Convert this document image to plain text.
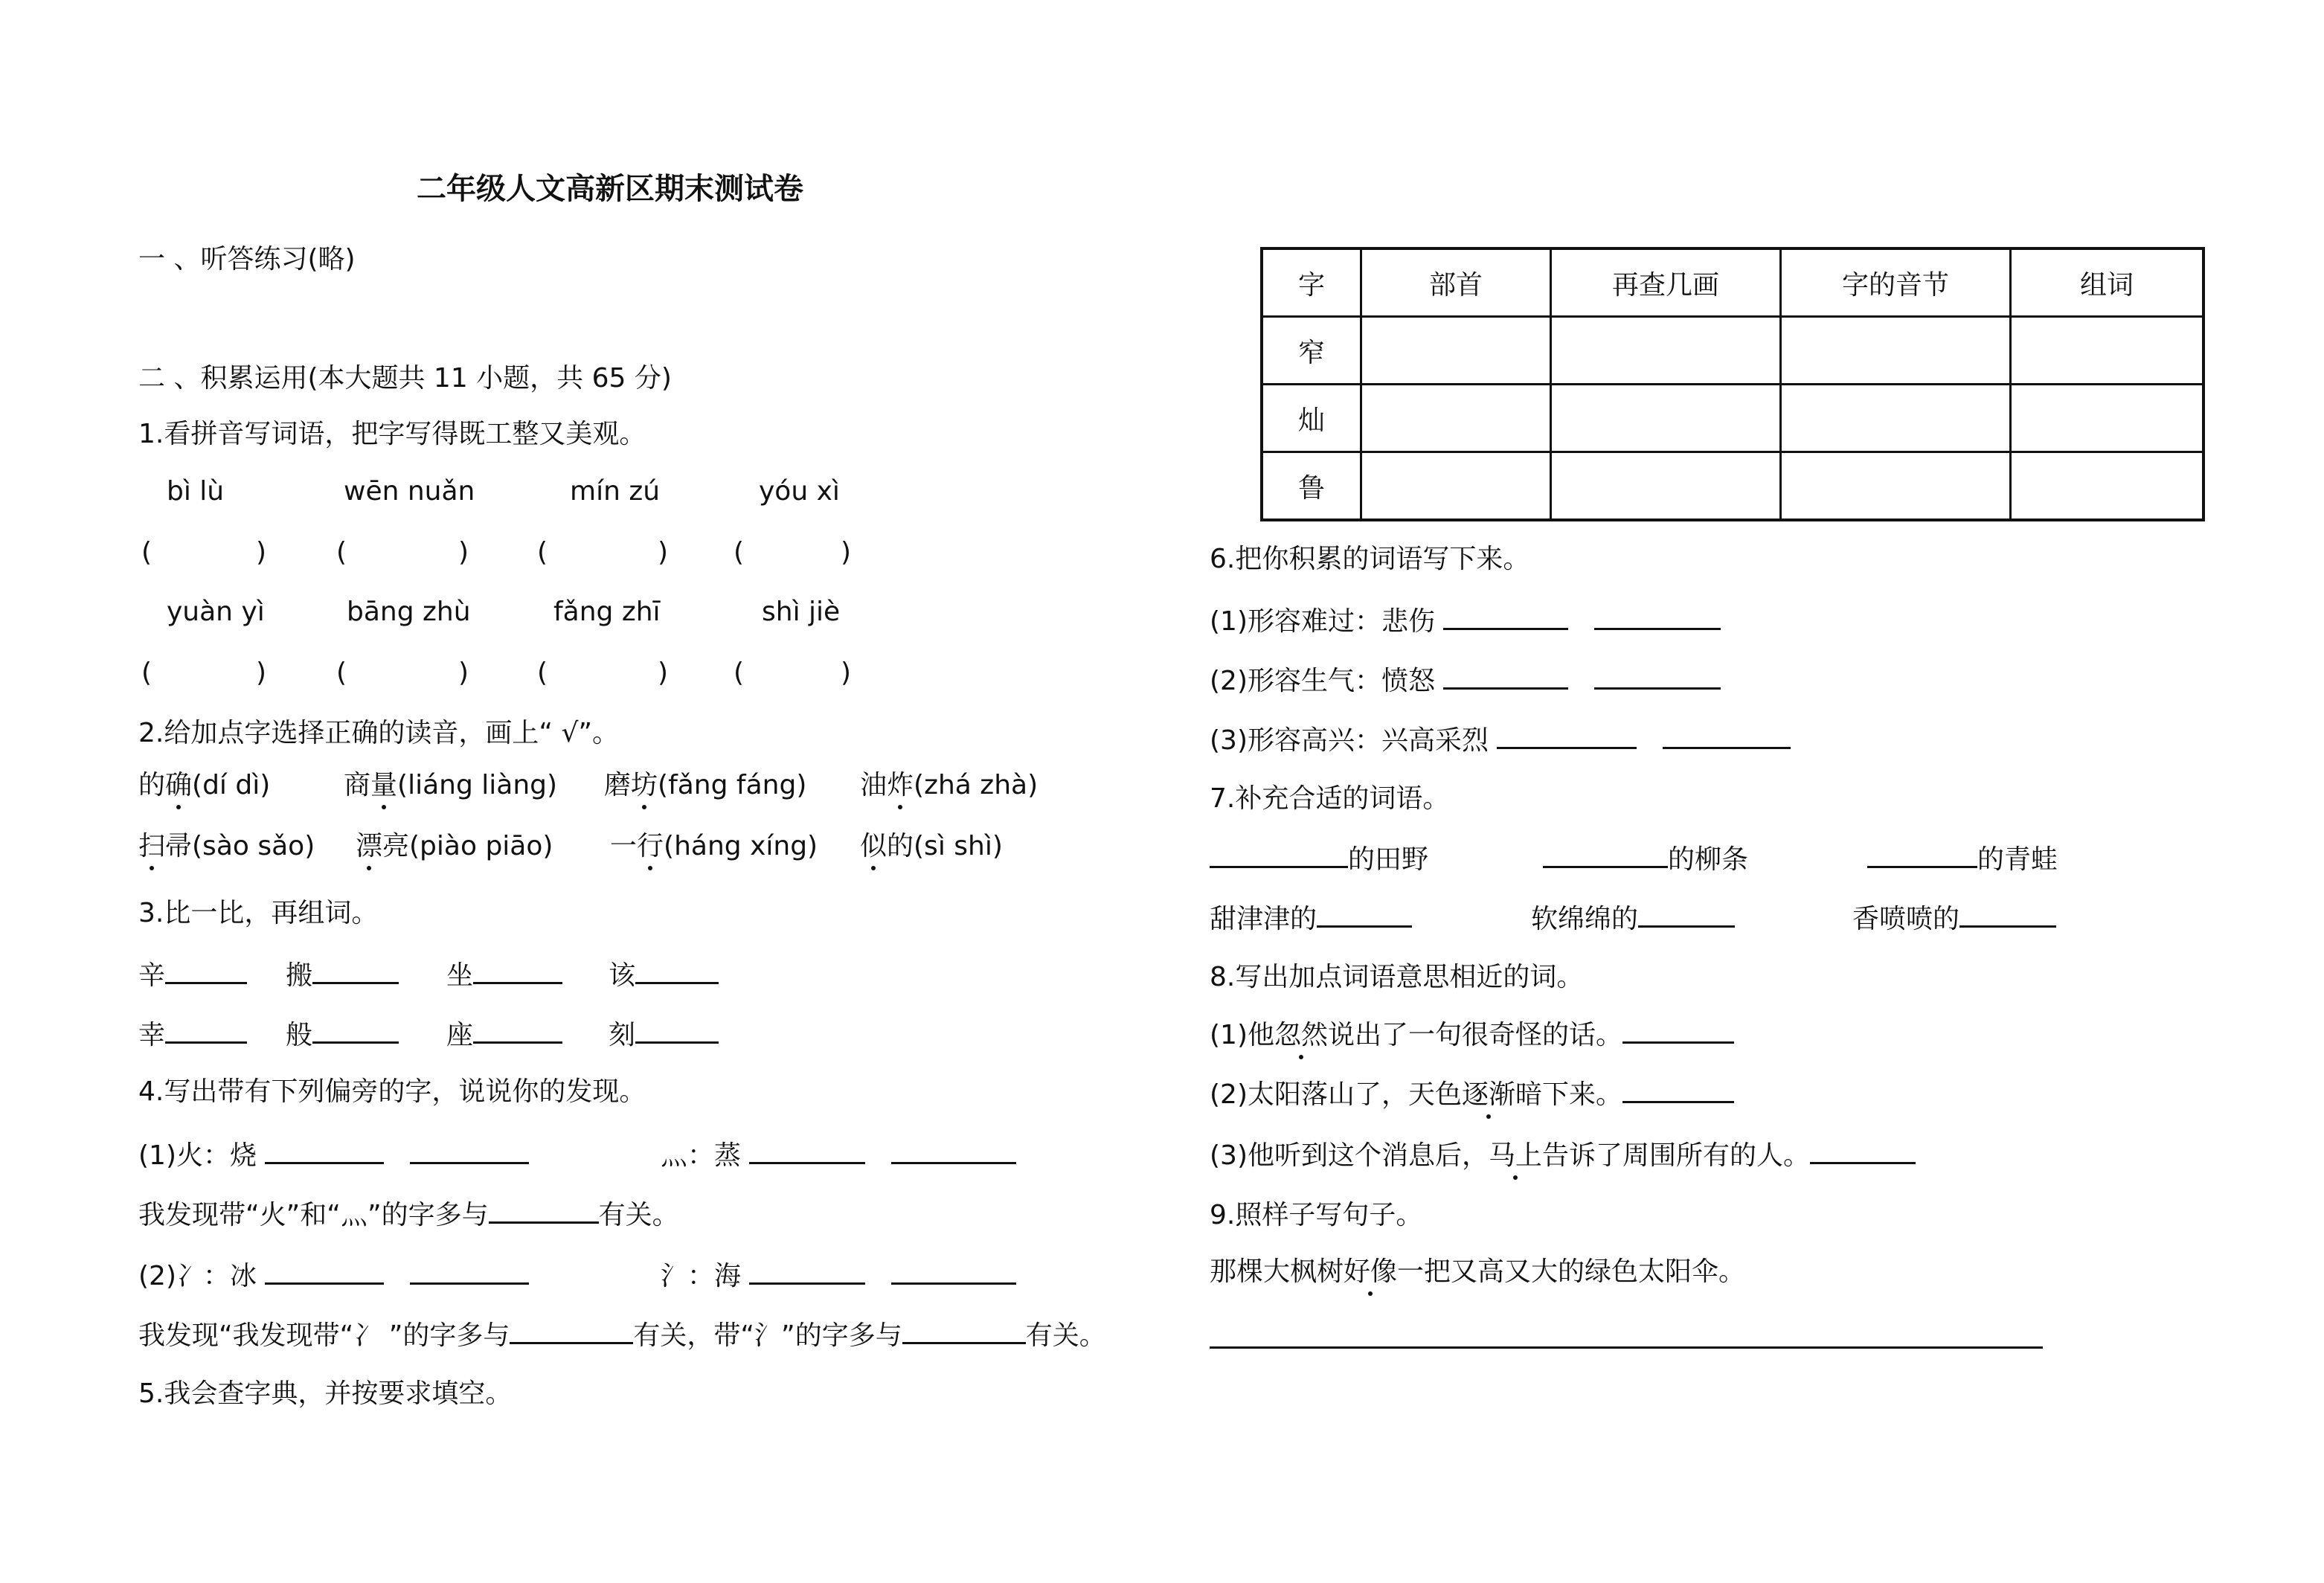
二年级人文高新区期末测试卷
一 、听答练习(略)
二 、积累运用(本大题共 11 小题，共 65 分)
1.看拼音写词语，把字写得既工整又美观。
bì lù	wēn nuǎn	mín zú	yóu xì
(	)	(	)	(	) (	)
yuàn yì	bāng zhù	fǎng zhī	shì jiè
(	)	(	)	(	) (	)
2.给加点字选择正确的读音，画上“ √”。
的确(dí dì)	商量(liáng liàng) 磨坊(fǎng fáng) 油炸(zhá zhà)
扫帚(sào sǎo) 漂亮(piào piāo) 一行(háng xíng) 似的(sì shì)
3.比一比，再组词。
辛	搬	坐	该
幸	般	座	刻
4.写出带有下列偏旁的字，说说你的发现。
(1)火：烧	灬：蒸
我发现带“火”和“灬”的字多与	有关。
(2)冫：冰	氵：海
我发现“我发现带“冫 ”的字多与	有关，带“氵”的字多与	有关。
5.我会查字典，并按要求填空。
字	部首	再查几画	字的音节	组词
窄				
灿				
鲁				
6.把你积累的词语写下来。
(1)形容难过：悲伤
(2)形容生气：愤怒
(3)形容高兴：兴高采烈
7.补充合适的词语。
的田野	的柳条	的青蛙
甜津津的	软绵绵的	香喷喷的
8.写出加点词语意思相近的词。
(1)他忽然说出了一句很奇怪的话。
(2)太阳落山了，天色逐渐暗下来。
(3)他听到这个消息后，马上告诉了周围所有的人。
9.照样子写句子。
那棵大枫树好像一把又高又大的绿色太阳伞。
